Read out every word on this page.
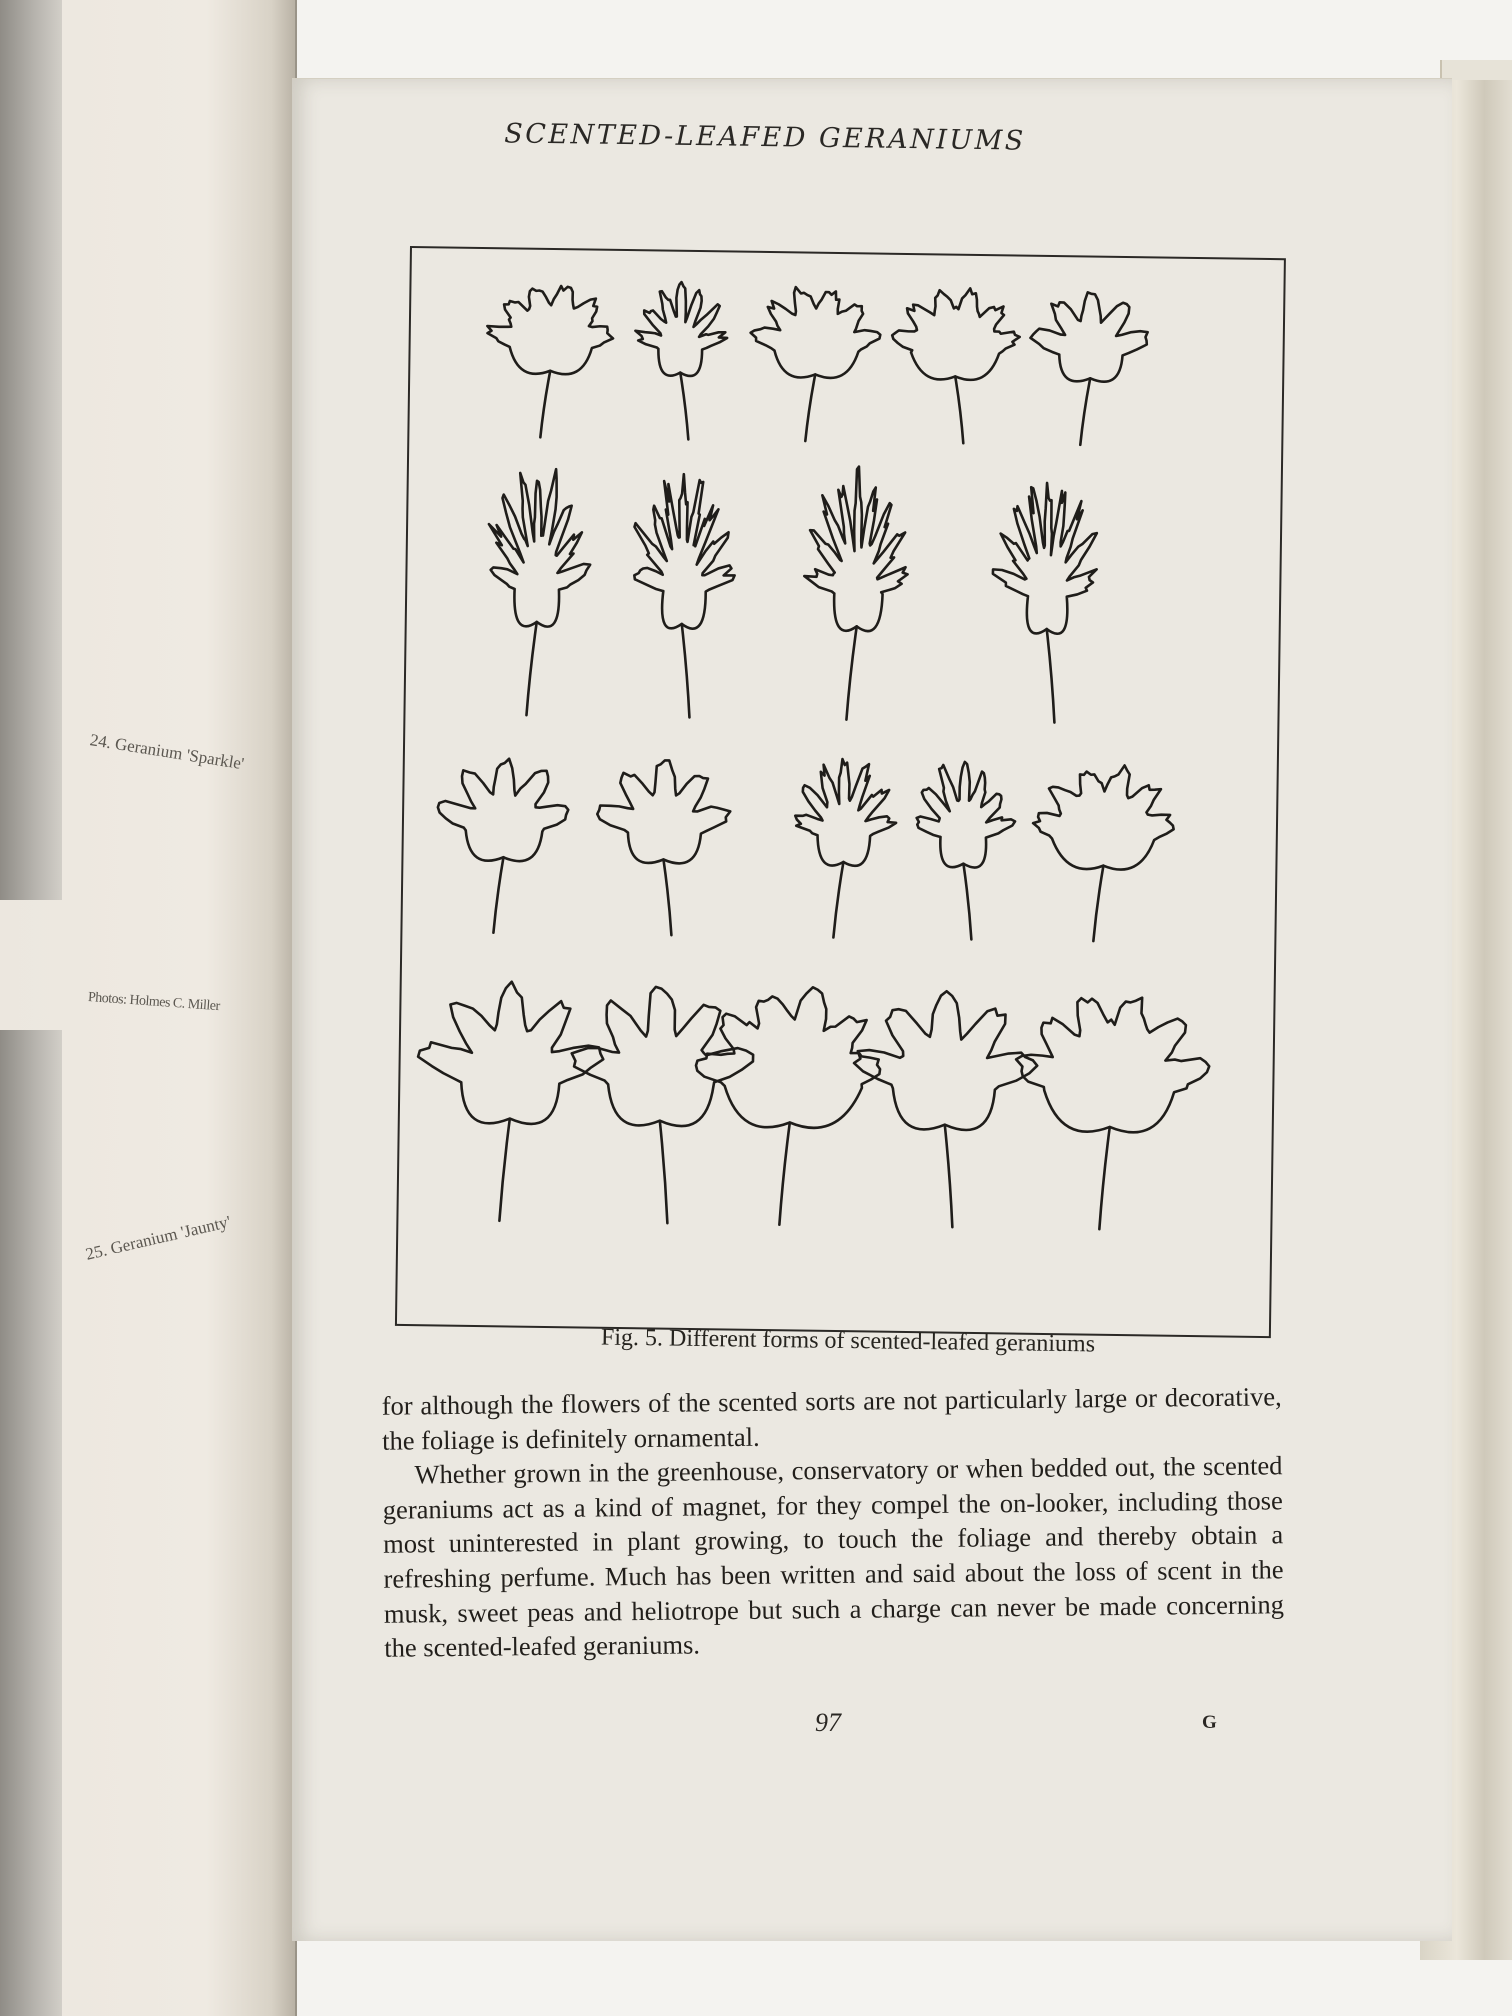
24. Geranium 'Sparkle'
Photos: Holmes C. Miller
25. Geranium 'Jaunty'
SCENTED-LEAFED GERANIUMS
Fig. 5. Different forms of scented-leafed geraniums

for although the flowers of the scented sorts are not particularly large or decorative, the foliage is definitely ornamental.

Whether grown in the greenhouse, conservatory or when bedded out, the scented geraniums act as a kind of magnet, for they compel the on-looker, including those most uninterested in plant growing, to touch the foliage and thereby obtain a refreshing perfume. Much has been written and said about the loss of scent in the musk, sweet peas and heliotrope but such a charge can never be made concerning the scented-leafed geraniums.

97	G
